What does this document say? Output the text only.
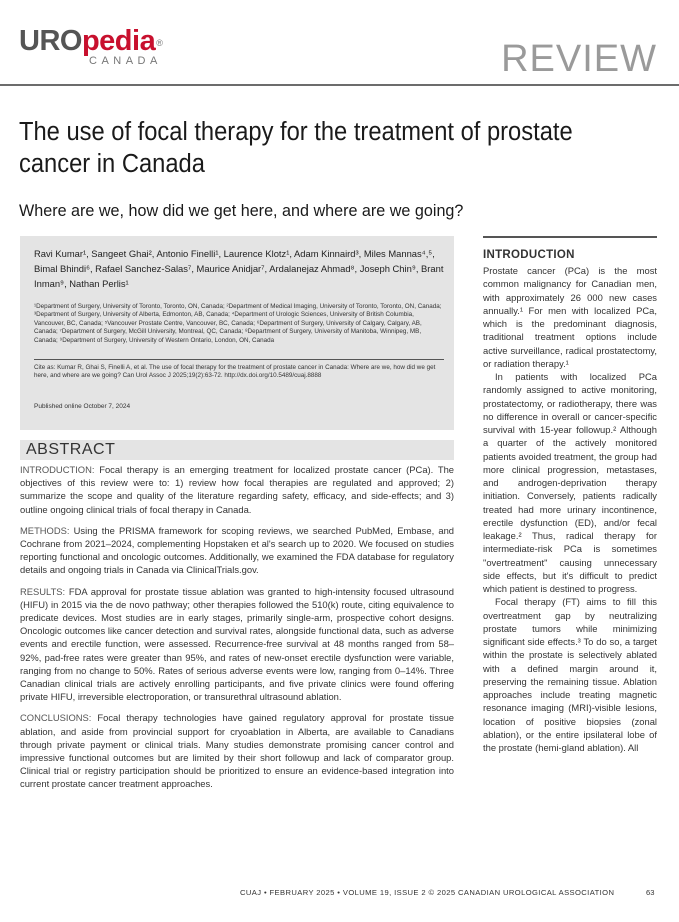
UROpedia®
CANADA	REVIEW
The use of focal therapy for the treatment of prostate cancer in Canada
Where are we, how did we get here, and where are we going?
Ravi Kumar¹, Sangeet Ghai², Antonio Finelli¹, Laurence Klotz¹, Adam Kinnaird³, Miles Mannas⁴,⁵, Bimal Bhindi⁶, Rafael Sanchez-Salas⁷, Maurice Anidjar⁷, Ardalanejaz Ahmad⁸, Joseph Chin⁹, Brant Inman⁹, Nathan Perlis¹
¹Department of Surgery, University of Toronto, Toronto, ON, Canada; ²Department of Medical Imaging, University of Toronto, Toronto, ON, Canada; ³Department of Surgery, University of Alberta, Edmonton, AB, Canada; ⁴Department of Urologic Sciences, University of British Columbia, Vancouver, BC, Canada; ⁵Vancouver Prostate Centre, Vancouver, BC, Canada; ⁶Department of Surgery, University of Calgary, Calgary, AB, Canada; ⁷Department of Surgery, McGill University, Montreal, QC, Canada; ⁸Department of Surgery, University of Manitoba, Winnipeg, MB, Canada; ⁹Department of Surgery, University of Western Ontario, London, ON, Canada
Cite as: Kumar R, Ghai S, Finelli A, et al. The use of focal therapy for the treatment of prostate cancer in Canada: Where are we, how did we get here, and where are we going? Can Urol Assoc J 2025;19(2):63-72. http://dx.doi.org/10.5489/cuaj.8888
Published online October 7, 2024
ABSTRACT

INTRODUCTION: Focal therapy is an emerging treatment for localized prostate cancer (PCa). The objectives of this review were to: 1) review how focal therapies are regulated and approved; 2) summarize the scope and quality of the literature regarding safety, efficacy, and side-effects; and 3) outline ongoing clinical trials of focal therapy in Canada.

METHODS: Using the PRISMA framework for scoping reviews, we searched PubMed, Embase, and Cochrane from 2021–2024, complementing Hopstaken et al's search up to 2020. We focused on studies reporting functional and oncologic outcomes. Additionally, we examined the FDA database for regulatory details and ongoing trials in Canada via ClinicalTrials.gov.

RESULTS: FDA approval for prostate tissue ablation was granted to high-intensity focused ultrasound (HIFU) in 2015 via the de novo pathway; other therapies followed the 510(k) route, citing equivalence to predicate devices. Most studies are in early stages, primarily single-arm, prospective cohort designs. Oncologic outcomes like cancer detection and survival rates, alongside functional data, such as adverse events and erectile function, were assessed. Recurrence-free survival at 48 months ranged from 58–92%, pad-free rates were greater than 95%, and rates of new-onset erectile dysfunction were variable, ranging from no change to 50%. Rates of serious adverse events were low, ranging from 0–14%. Three Canadian clinical trials are actively enrolling participants, and five private clinics were found offering private HIFU, irreversible electroporation, or transurethral ultrasound ablation.

CONCLUSIONS: Focal therapy technologies have gained regulatory approval for prostate tissue ablation, and aside from provincial support for cryoablation in Alberta, are available to Canadians through private payment or clinical trials. Many studies demonstrate promising cancer control and impressive functional outcomes but are limited by their short followup and lack of comparator group. Clinical trial or registry participation should be prioritized to ensure an evidence-based integration into current prostate cancer treatment approaches.

INTRODUCTION

Prostate cancer (PCa) is the most common malignancy for Canadian men, with approximately 26 000 new cases annually.¹ For men with localized PCa, which is the predominant diagnosis, traditional treatment options include active surveillance, radical prostatectomy, or radiation therapy.¹

In patients with localized PCa randomly assigned to active monitoring, prostatectomy, or radiotherapy, there was no difference in overall or cancer-specific survival with 15-year followup.² Although a quarter of the actively monitored patients avoided treatment, the group had more clinical progression, metastases, and androgen-deprivation therapy initiation. Conversely, patients radically treated had more urinary incontinence, erectile dysfunction (ED), and/or fecal leakage.² Thus, radical therapy for intermediate-risk PCa is sometimes "overtreatment" causing unnecessary side effects, but it's difficult to predict which patient is destined to progress.

Focal therapy (FT) aims to fill this overtreatment gap by neutralizing prostate tumors while minimizing significant side effects.³ To do so, a target within the prostate is selectively ablated with a defined margin around it, preserving the remaining tissue. Ablation approaches include treating magnetic resonance imaging (MRI)-visible lesions, location of positive biopsies (zonal ablation), or the entire ipsilateral lobe of the prostate (hemi-gland ablation). All

CUAJ • FEBRUARY 2025 • VOLUME 19, ISSUE 2 © 2025 CANADIAN UROLOGICAL ASSOCIATION	63
